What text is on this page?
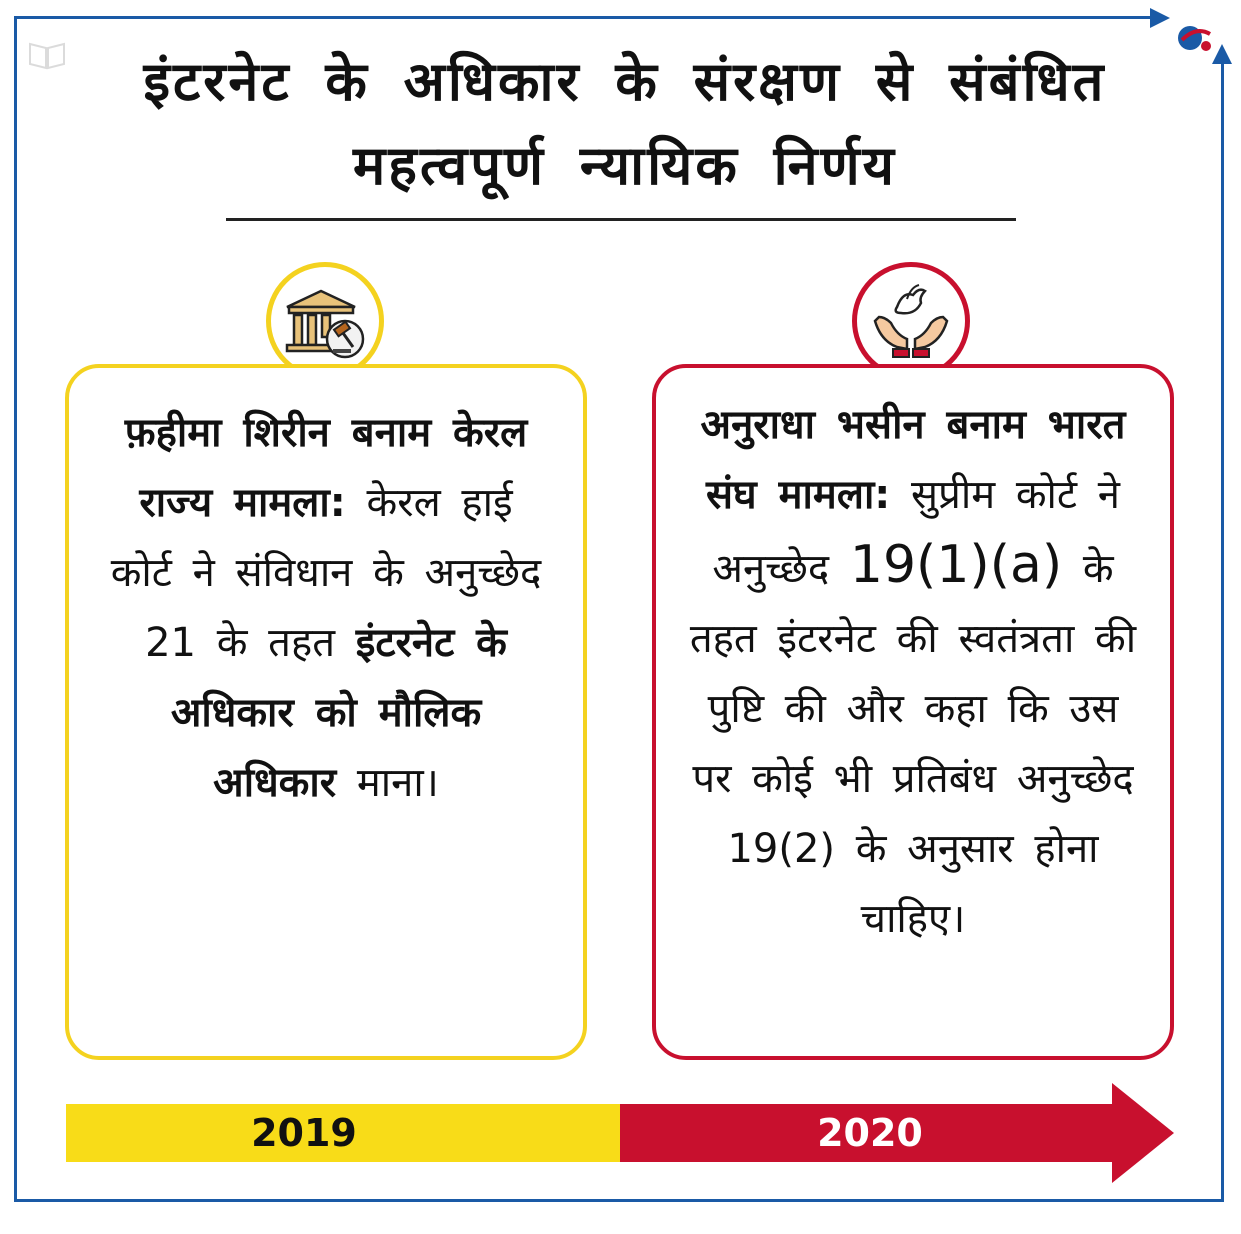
इंटरनेट के अधिकार के संरक्षण से संबंधित
महत्वपूर्ण न्यायिक निर्णय
फ़हीमा शिरीन बनाम केरल राज्य मामला: केरल हाई कोर्ट ने संविधान के अनुच्छेद 21 के तहत इंटरनेट के अधिकार को मौलिक अधिकार माना।
अनुराधा भसीन बनाम भारत संघ मामला: सुप्रीम कोर्ट ने अनुच्छेद 19(1)(a) के तहत इंटरनेट की स्वतंत्रता की पुष्टि की और कहा कि उस पर कोई भी प्रतिबंध अनुच्छेद 19(2) के अनुसार होना चाहिए।
2019	2020
